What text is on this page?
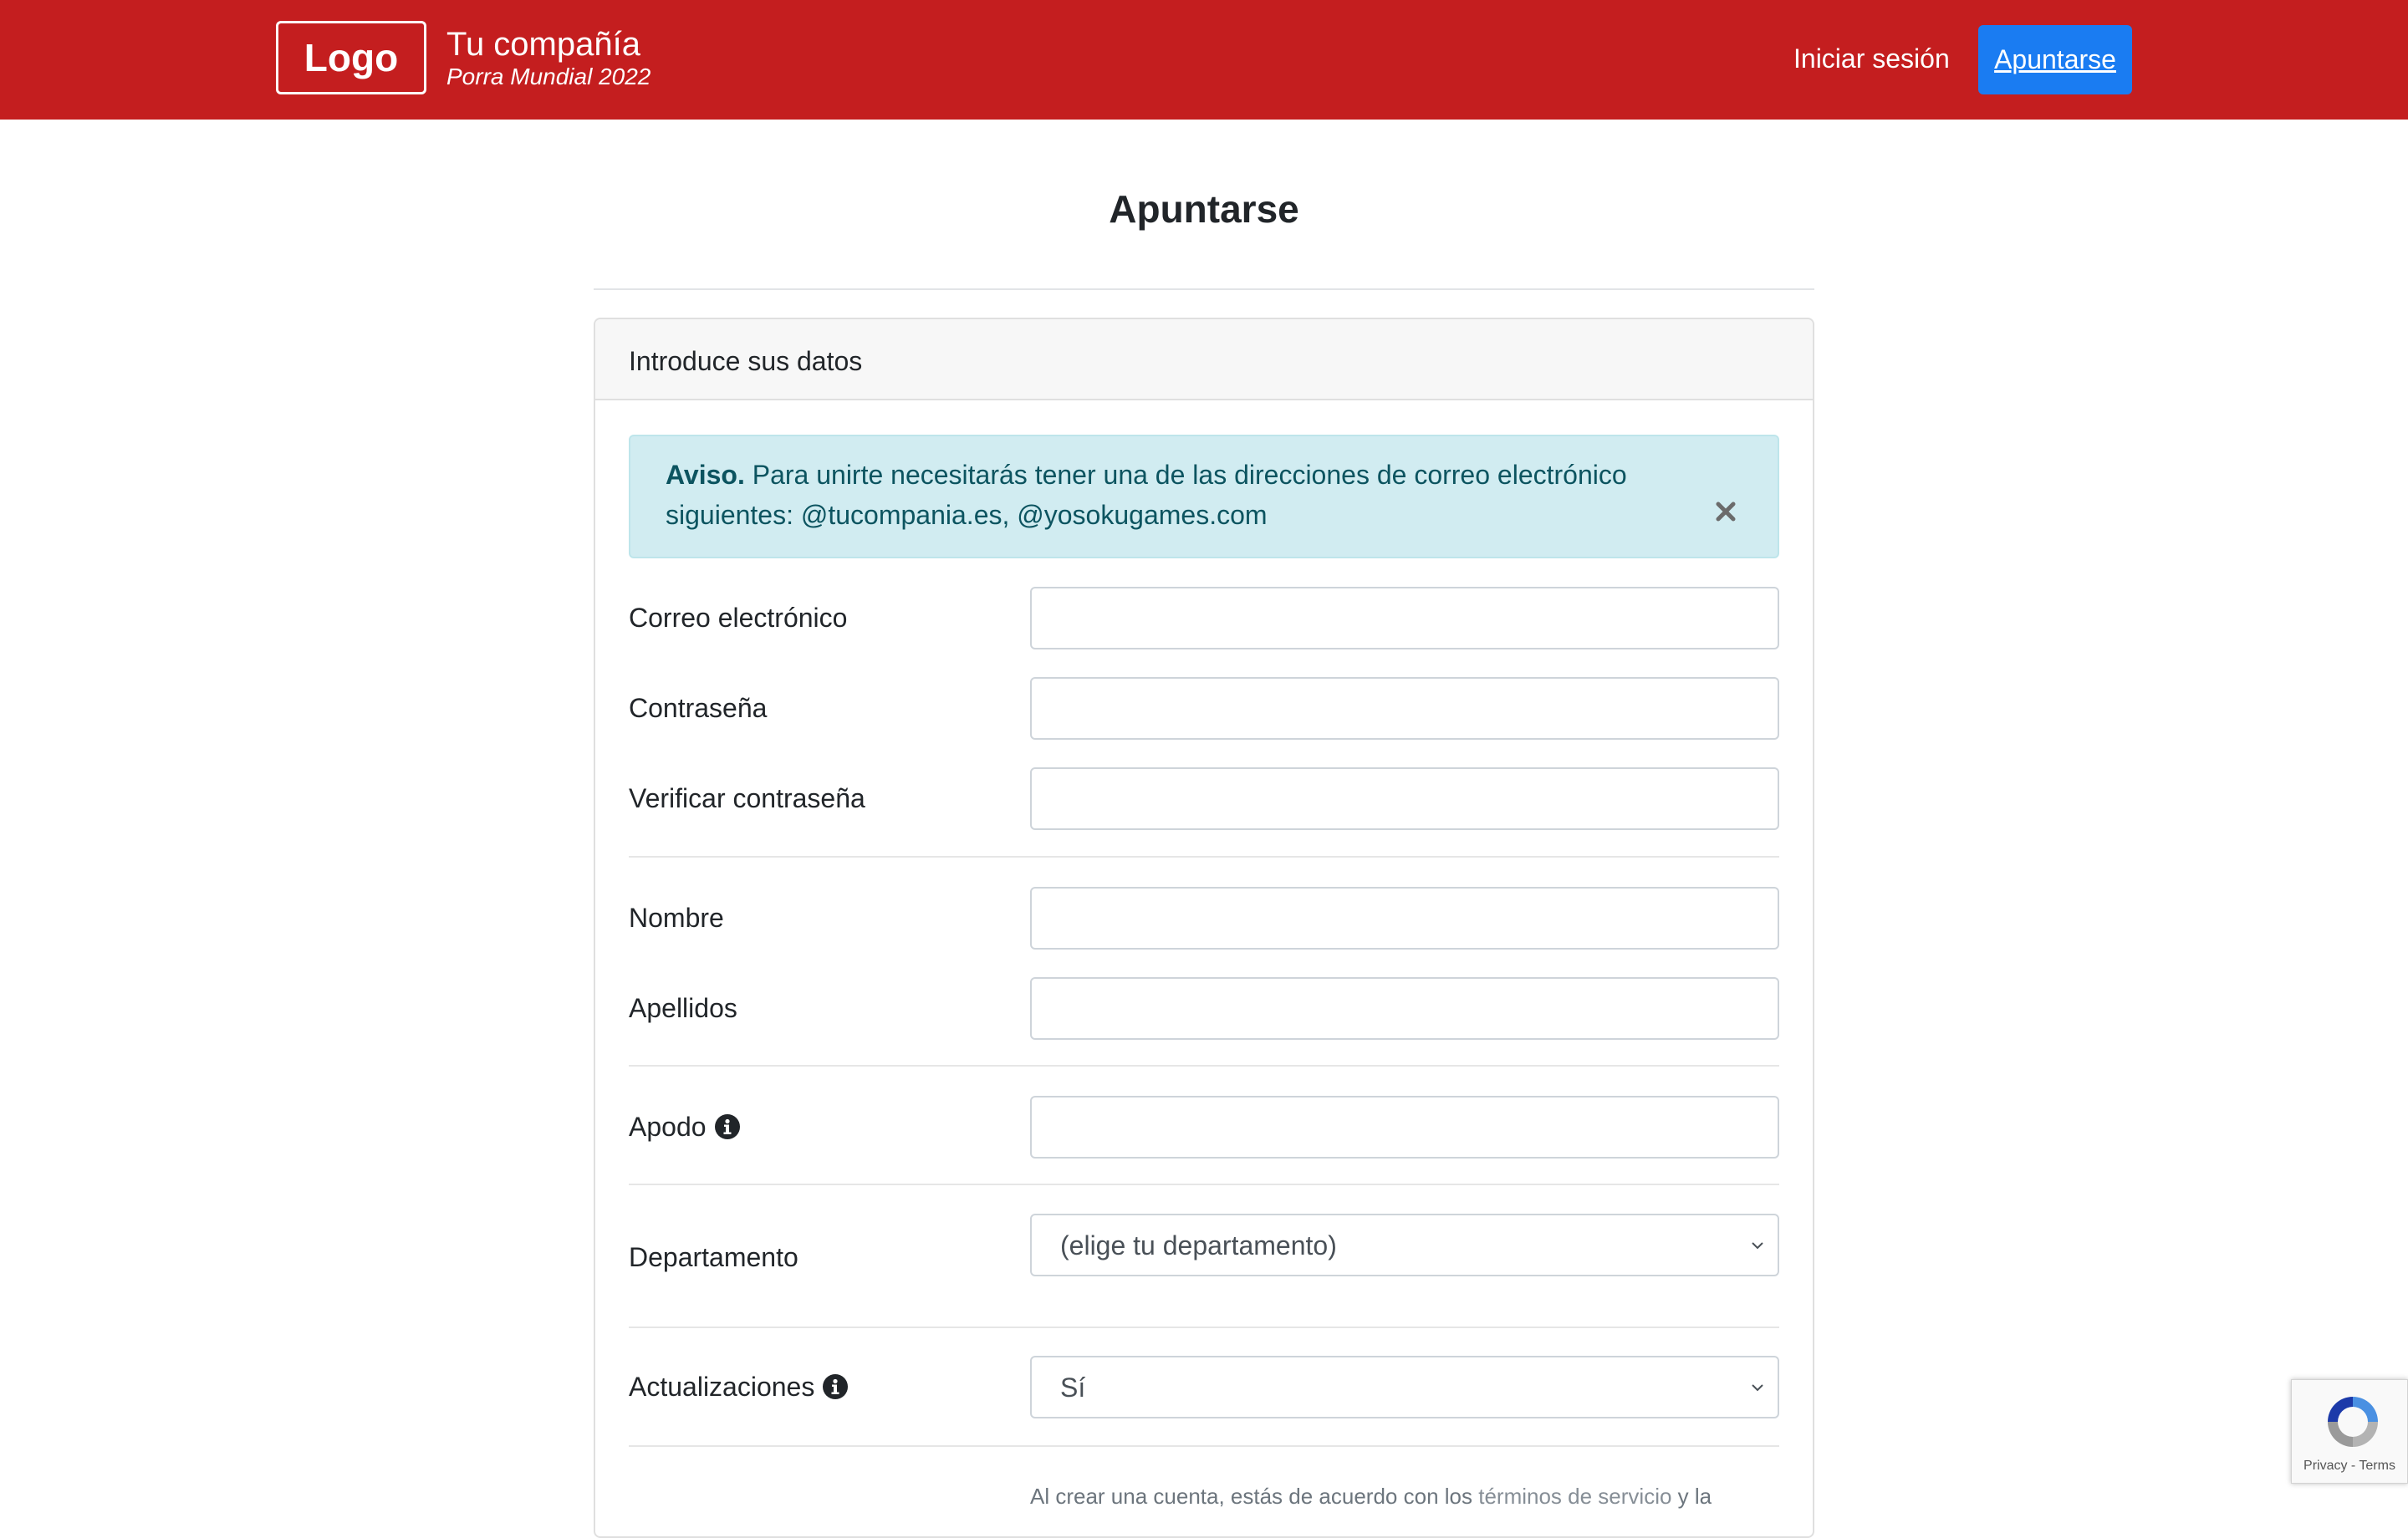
Logo	Tu compañía
Porra Mundial 2022
Iniciar sesión	Apuntarse
Apuntarse
Introduce sus datos
Aviso. Para unirte necesitarás tener una de las direcciones de correo electrónico siguientes: @tucompania.es, @yosokugames.com
Correo electrónico
Contraseña
Verificar contraseña
Nombre
Apellidos
Apodo
Departamento	(elige tu departamento)
Actualizaciones	Sí
Al crear una cuenta, estás de acuerdo con los términos de servicio y la
Privacy - Terms
